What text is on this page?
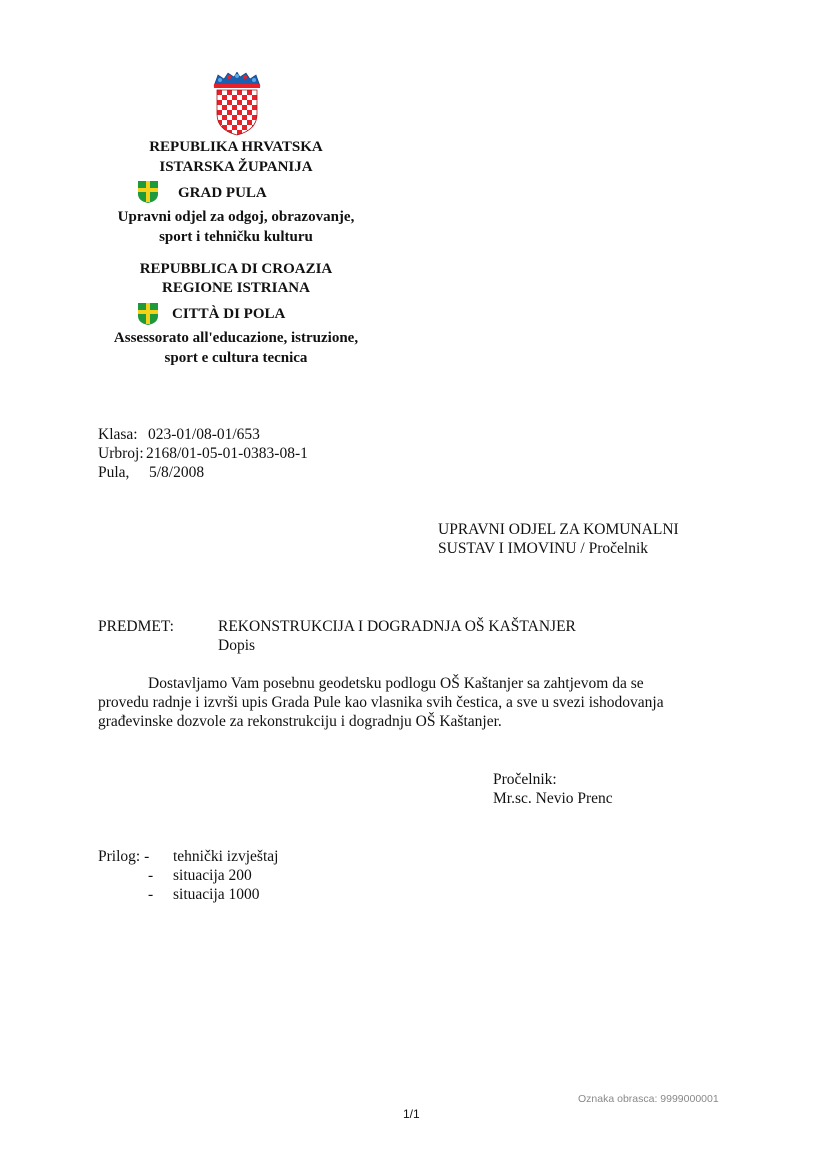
REPUBLIKA HRVATSKA
ISTARSKA ŽUPANIJA
GRAD PULA
Upravni odjel za odgoj, obrazovanje,
sport i tehničku kulturu
REPUBBLICA DI CROAZIA
REGIONE ISTRIANA
CITTÀ DI POLA
Assessorato all'educazione, istruzione,
sport e cultura tecnica
Klasa: 023-01/08-01/653
Urbroj: 2168/01-05-01-0383-08-1
Pula, 5/8/2008
UPRAVNI ODJEL ZA KOMUNALNI
SUSTAV I IMOVINU / Pročelnik
PREDMET:	REKONSTRUKCIJA I DOGRADNJA OŠ KAŠTANJER
Dopis
Dostavljamo Vam posebnu geodetsku podlogu OŠ Kaštanjer sa zahtjevom da se
provedu radnje i izvrši upis Grada Pule kao vlasnika svih čestica, a sve u svezi ishodovanja
građevinske dozvole za rekonstrukciju i dogradnju OŠ Kaštanjer.
Pročelnik:
Mr.sc. Nevio Prenc
Prilog: - tehnički izvještaj
- situacija 200
- situacija 1000
Oznaka obrasca: 9999000001
1/1
